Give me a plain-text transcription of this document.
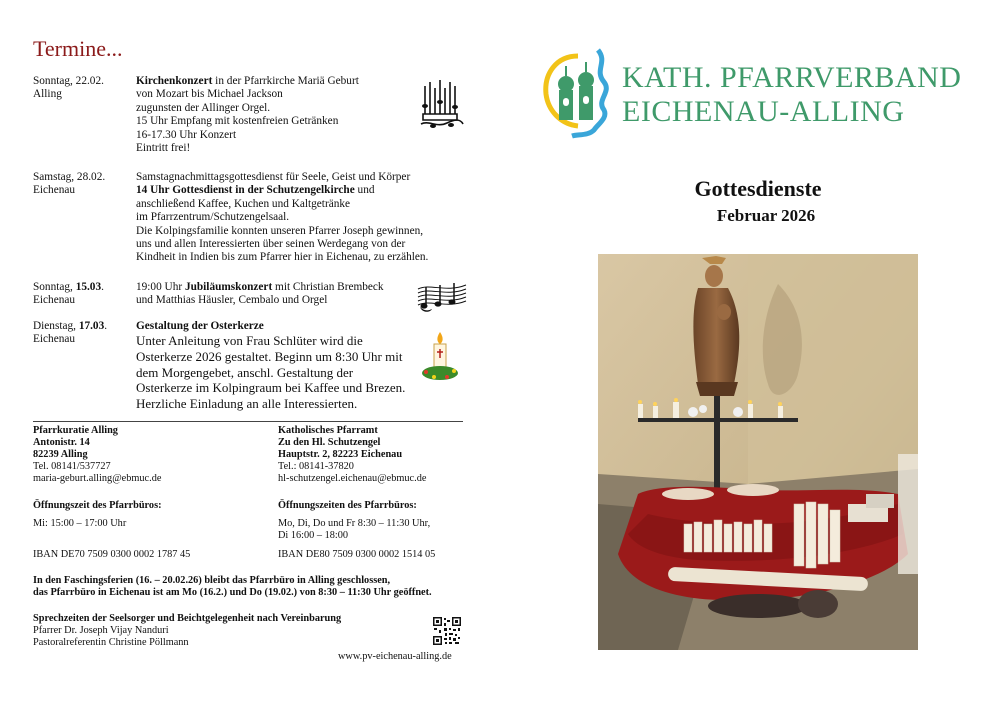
Termine...
Sonntag, 22.02.
Alling
Kirchenkonzert in der Pfarrkirche Mariä Geburt
von Mozart bis Michael Jackson
zugunsten der Allinger Orgel.
15 Uhr Empfang mit kostenfreien Getränken
16-17.30 Uhr Konzert
Eintritt frei!
Samstag, 28.02.
Eichenau
Samstagnachmittagsgottesdienst für Seele, Geist und Körper
14 Uhr Gottesdienst in der Schutzengelkirche und
anschließend Kaffee, Kuchen und Kaltgetränke
im Pfarrzentrum/Schutzengelsaal.
Die Kolpingsfamilie konnten unseren Pfarrer Joseph gewinnen,
uns und allen Interessierten über seinen Werdegang von der
Kindheit in Indien bis zum Pfarrer hier in Eichenau, zu erzählen.
Sonntag, 15.03.
Eichenau
19:00 Uhr Jubiläumskonzert mit Christian Brembeck
und Matthias Häusler, Cembalo und Orgel
Dienstag, 17.03.
Eichenau
Gestaltung der Osterkerze
Unter Anleitung von Frau Schlüter wird die
Osterkerze 2026 gestaltet. Beginn um 8:30 Uhr mit
dem Morgengebet, anschl. Gestaltung der
Osterkerze im Kolpingraum bei Kaffee und Brezen.
Herzliche Einladung an alle Interessierten.
Pfarrkuratie Alling
Antonistr. 14
82239 Alling
Tel. 08141/537727
maria-geburt.alling@ebmuc.de
Katholisches Pfarramt
Zu den Hl. Schutzengel
Hauptstr. 2, 82223 Eichenau
Tel.: 08141-37820
hl-schutzengel.eichenau@ebmuc.de
Öffnungszeit des Pfarrbüros:
Mi: 15:00 – 17:00 Uhr
Öffnungszeiten des Pfarrbüros:
Mo, Di, Do und Fr 8:30 – 11:30 Uhr,
Di 16:00 – 18:00
IBAN DE70 7509 0300 0002 1787 45	IBAN DE80 7509 0300 0002 1514 05
In den Faschingsferien (16. – 20.02.26) bleibt das Pfarrbüro in Alling geschlossen,
das Pfarrbüro in Eichenau ist am Mo (16.2.) und Do (19.02.) von 8:30 – 11:30 Uhr geöffnet.
Sprechzeiten der Seelsorger und Beichtgelegenheit nach Vereinbarung
Pfarrer Dr. Joseph Vijay Nanduri
Pastoralreferentin Christine Pöllmann
www.pv-eichenau-alling.de
KATH. PFARRVERBAND
EICHENAU-ALLING
Gottesdienste
Februar 2026
